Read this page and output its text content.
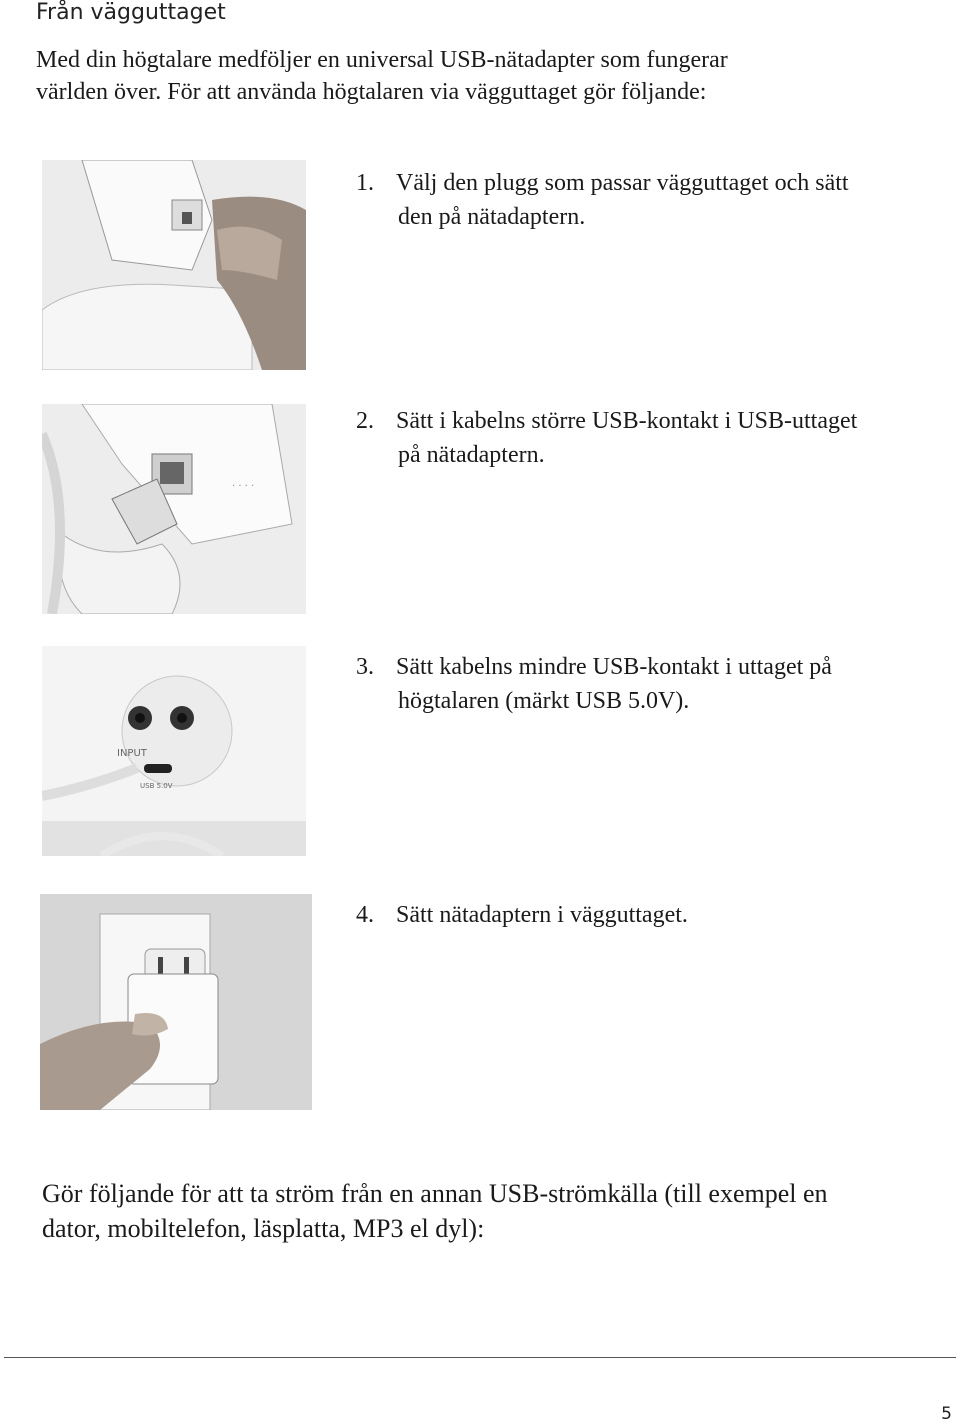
Från vägguttaget

Med din högtalare medföljer en universal USB-nätadapter som fungerar
världen över. För att använda högtalaren via vägguttaget gör följande:

1. Välj den plugg som passar vägguttaget och sätt
den på nätadaptern.
· · · ·
2. Sätt i kabelns större USB-kontakt i USB-uttaget
på nätadaptern.
INPUT
USB 5.0V
3. Sätt kabelns mindre USB-kontakt i uttaget på
högtalaren (märkt USB 5.0V).
4. Sätt nätadaptern i vägguttaget.

Gör följande för att ta ström från en annan USB-strömkälla (till exempel en
dator, mobiltelefon, läsplatta, MP3 el dyl):

5
